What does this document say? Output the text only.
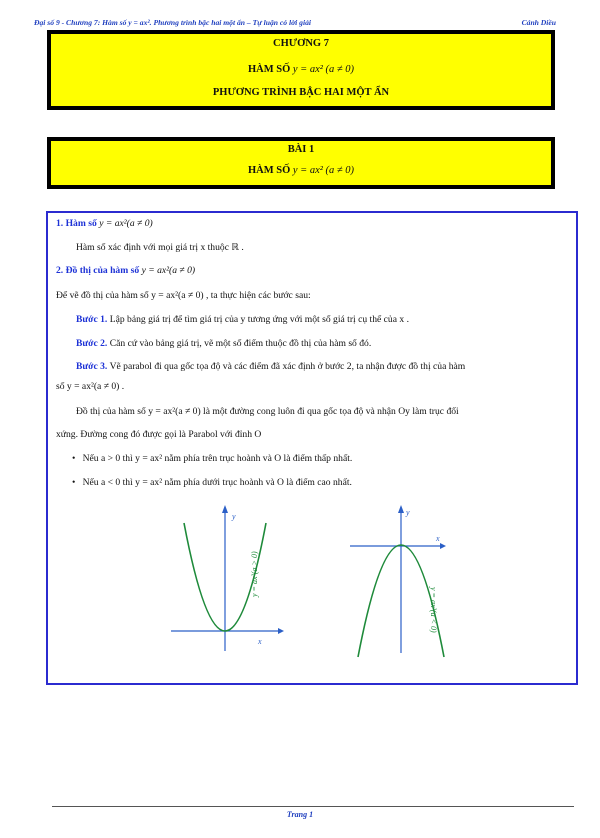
Đại số 9 - Chương 7: Hàm số y = ax². Phương trình bậc hai một ẩn – Tự luận có lời giải	Cánh Diều
CHƯƠNG 7
HÀM SỐ y = ax² (a ≠ 0)
PHƯƠNG TRÌNH BẬC HAI MỘT ẨN
BÀI 1
HÀM SỐ y = ax² (a ≠ 0)
1. Hàm số y = ax²(a ≠ 0)
Hàm số xác định với mọi giá trị x thuộc ℝ .
2. Đồ thị của hàm số y = ax²(a ≠ 0)
Để vẽ đồ thị của hàm số y = ax²(a ≠ 0) , ta thực hiện các bước sau:
Bước 1. Lập bảng giá trị để tìm giá trị của y tương ứng với một số giá trị cụ thể của x .
Bước 2. Căn cứ vào bảng giá trị, vẽ một số điểm thuộc đồ thị của hàm số đó.
Bước 3. Vẽ parabol đi qua gốc tọa độ và các điểm đã xác định ở bước 2, ta nhận được đồ thị của hàm
số y = ax²(a ≠ 0) .
Đồ thị của hàm số y = ax²(a ≠ 0) là một đường cong luôn đi qua gốc tọa độ và nhận Oy làm trục đối
xứng. Đường cong đó được gọi là Parabol với đỉnh O
•   Nếu a > 0 thì y = ax² nằm phía trên trục hoành và O là điểm thấp nhất.
•   Nếu a < 0 thì y = ax² nằm phía dưới trục hoành và O là điểm cao nhất.
y
x
y = ax²(a > 0)
y
x
y = ax²(a < 0)
Trang 1
